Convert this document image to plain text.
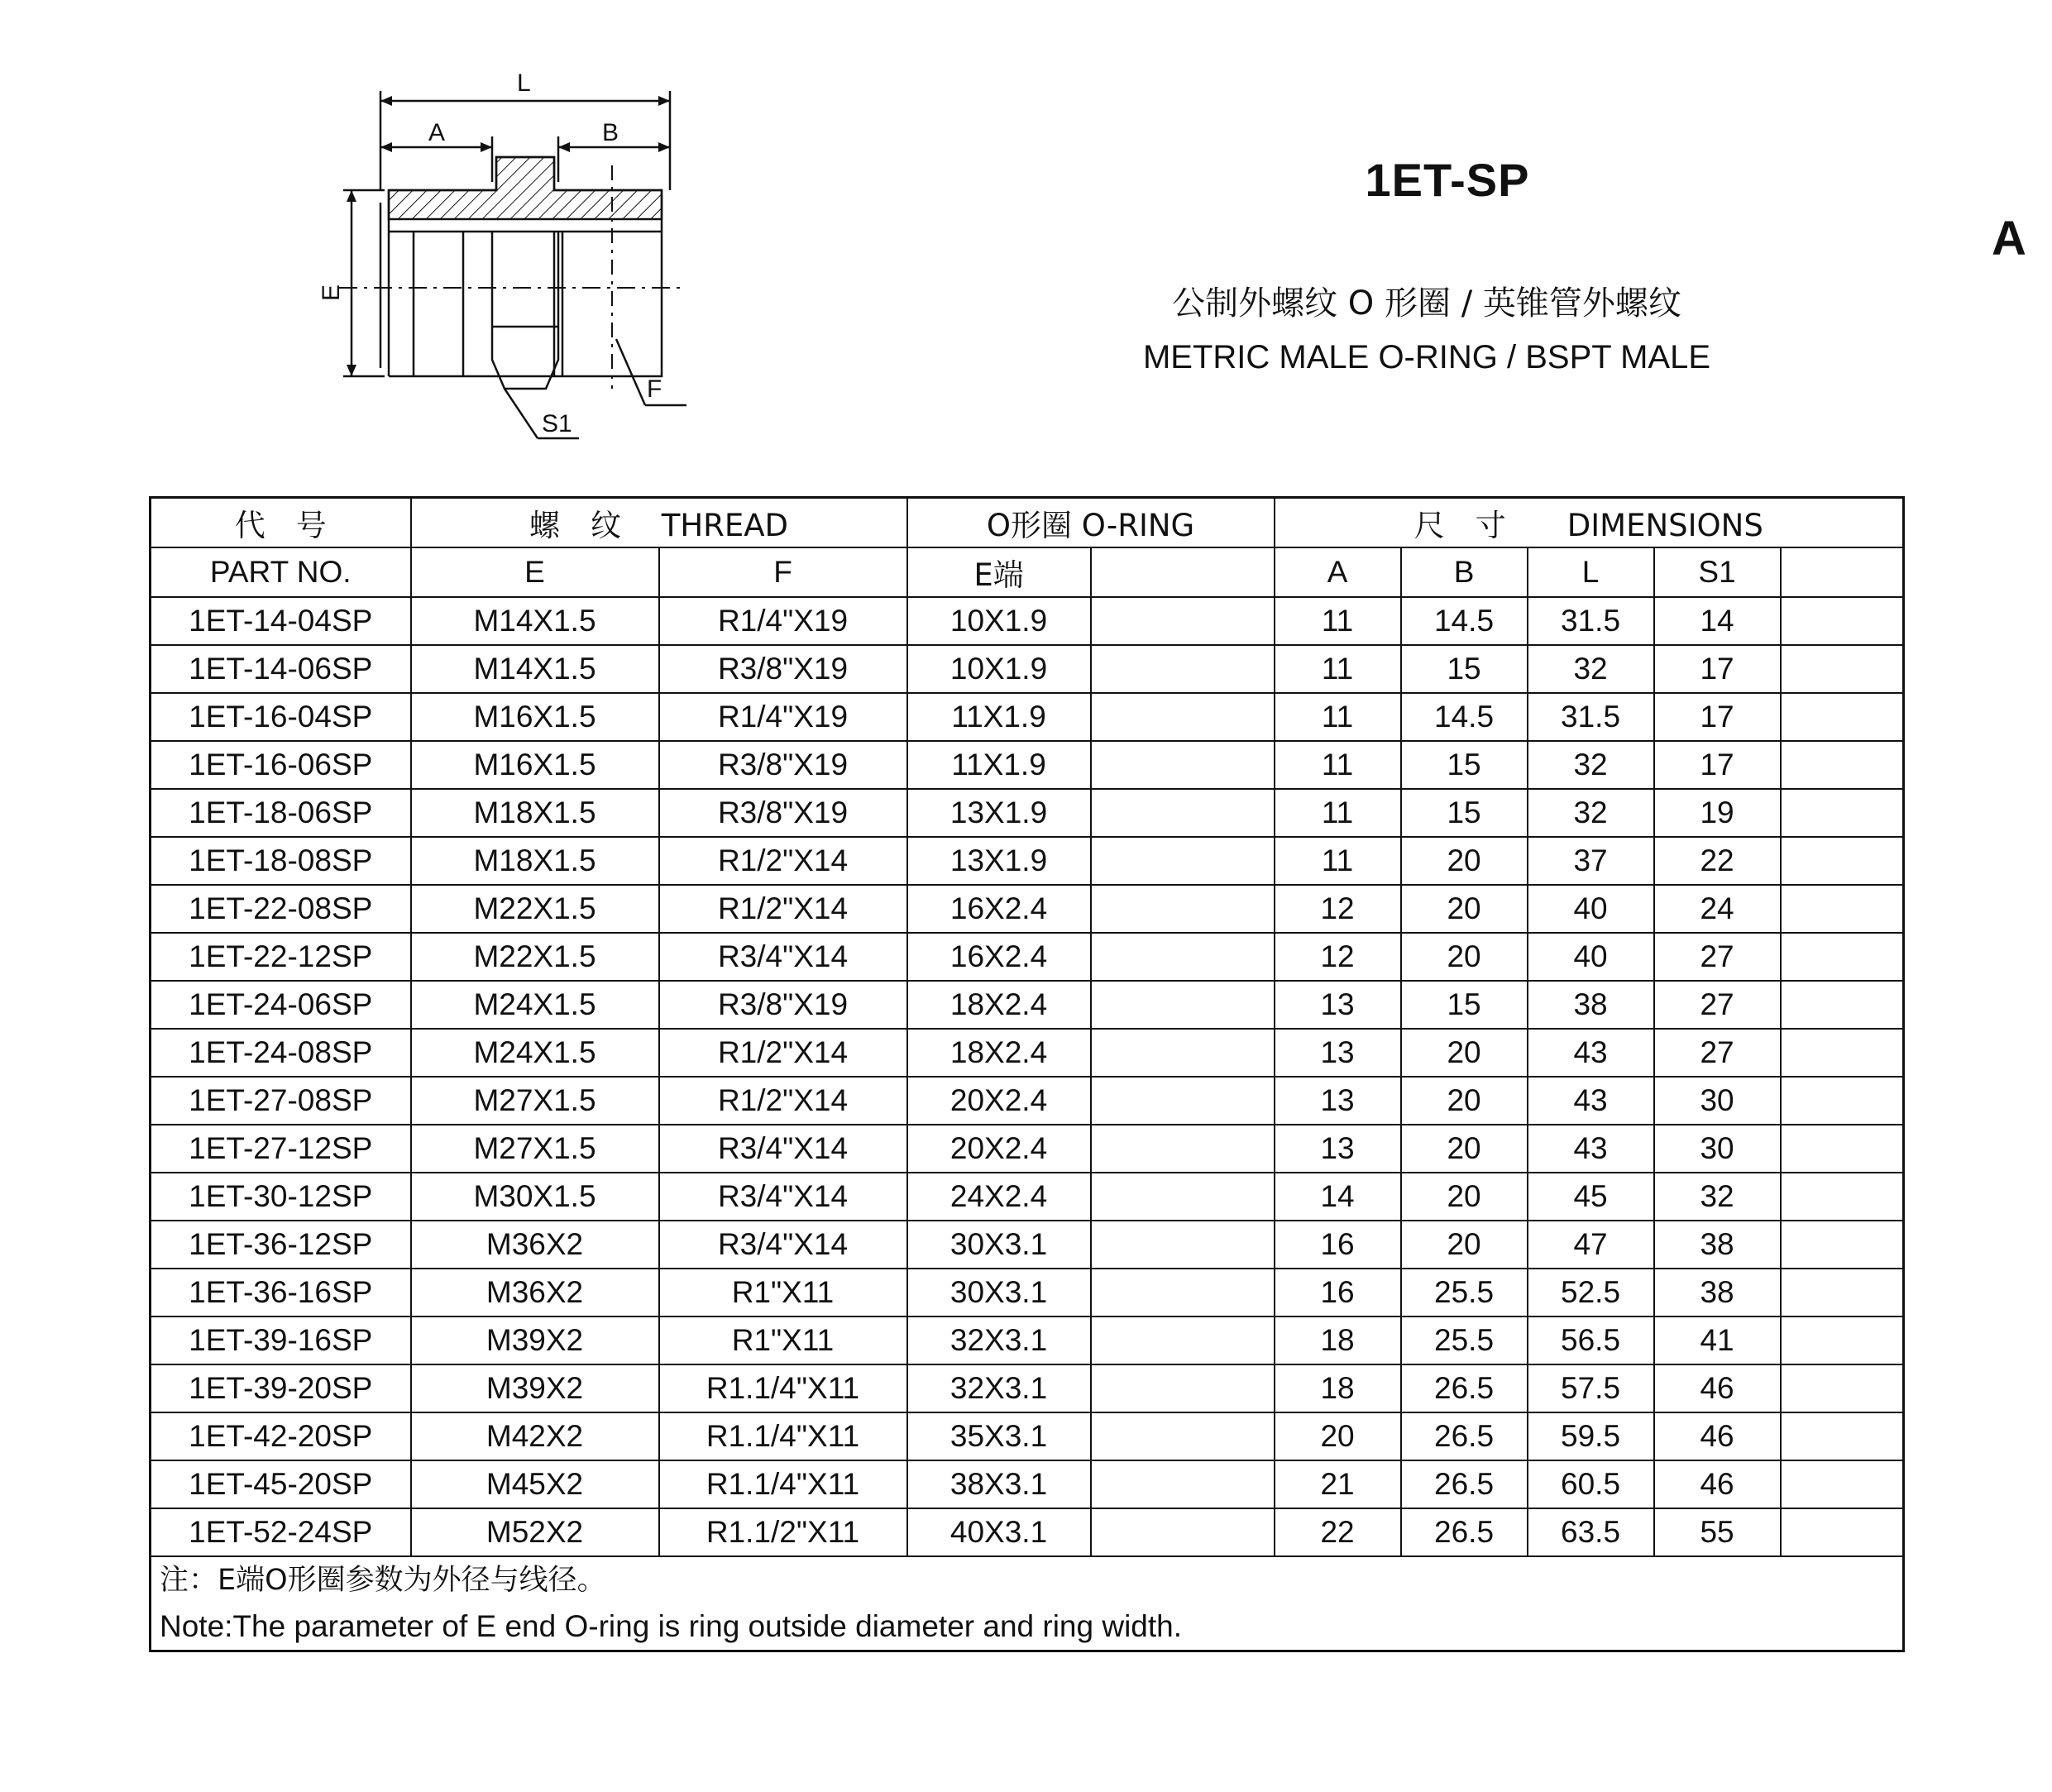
L
A	B
E
F
S1
1ET-SP
A
公制外螺纹 O 形圈 / 英锥管外螺纹
METRIC MALE O-RING / BSPT MALE
代　号	螺　纹　 THREAD		O形圈 O-RING		尺　寸　　DIMENSIONS				
PART NO.	E	F	E端		A	B	L	S1	
1ET-14-04SP	M14X1.5	R1/4"X19	10X1.9		11	14.5	31.5	14	
1ET-14-06SP	M14X1.5	R3/8"X19	10X1.9		11	15	32	17	
1ET-16-04SP	M16X1.5	R1/4"X19	11X1.9		11	14.5	31.5	17	
1ET-16-06SP	M16X1.5	R3/8"X19	11X1.9		11	15	32	17	
1ET-18-06SP	M18X1.5	R3/8"X19	13X1.9		11	15	32	19	
1ET-18-08SP	M18X1.5	R1/2"X14	13X1.9		11	20	37	22	
1ET-22-08SP	M22X1.5	R1/2"X14	16X2.4		12	20	40	24	
1ET-22-12SP	M22X1.5	R3/4"X14	16X2.4		12	20	40	27	
1ET-24-06SP	M24X1.5	R3/8"X19	18X2.4		13	15	38	27	
1ET-24-08SP	M24X1.5	R1/2"X14	18X2.4		13	20	43	27	
1ET-27-08SP	M27X1.5	R1/2"X14	20X2.4		13	20	43	30	
1ET-27-12SP	M27X1.5	R3/4"X14	20X2.4		13	20	43	30	
1ET-30-12SP	M30X1.5	R3/4"X14	24X2.4		14	20	45	32	
1ET-36-12SP	M36X2	R3/4"X14	30X3.1		16	20	47	38	
1ET-36-16SP	M36X2	R1"X11	30X3.1		16	25.5	52.5	38	
1ET-39-16SP	M39X2	R1"X11	32X3.1		18	25.5	56.5	41	
1ET-39-20SP	M39X2	R1.1/4"X11	32X3.1		18	26.5	57.5	46	
1ET-42-20SP	M42X2	R1.1/4"X11	35X3.1		20	26.5	59.5	46	
1ET-45-20SP	M45X2	R1.1/4"X11	38X3.1		21	26.5	60.5	46	
1ET-52-24SP	M52X2	R1.1/2"X11	40X3.1		22	26.5	63.5	55	

注：E端O形圈参数为外径与线径。
Note:The parameter of E end O-ring is ring outside diameter and ring width.									
